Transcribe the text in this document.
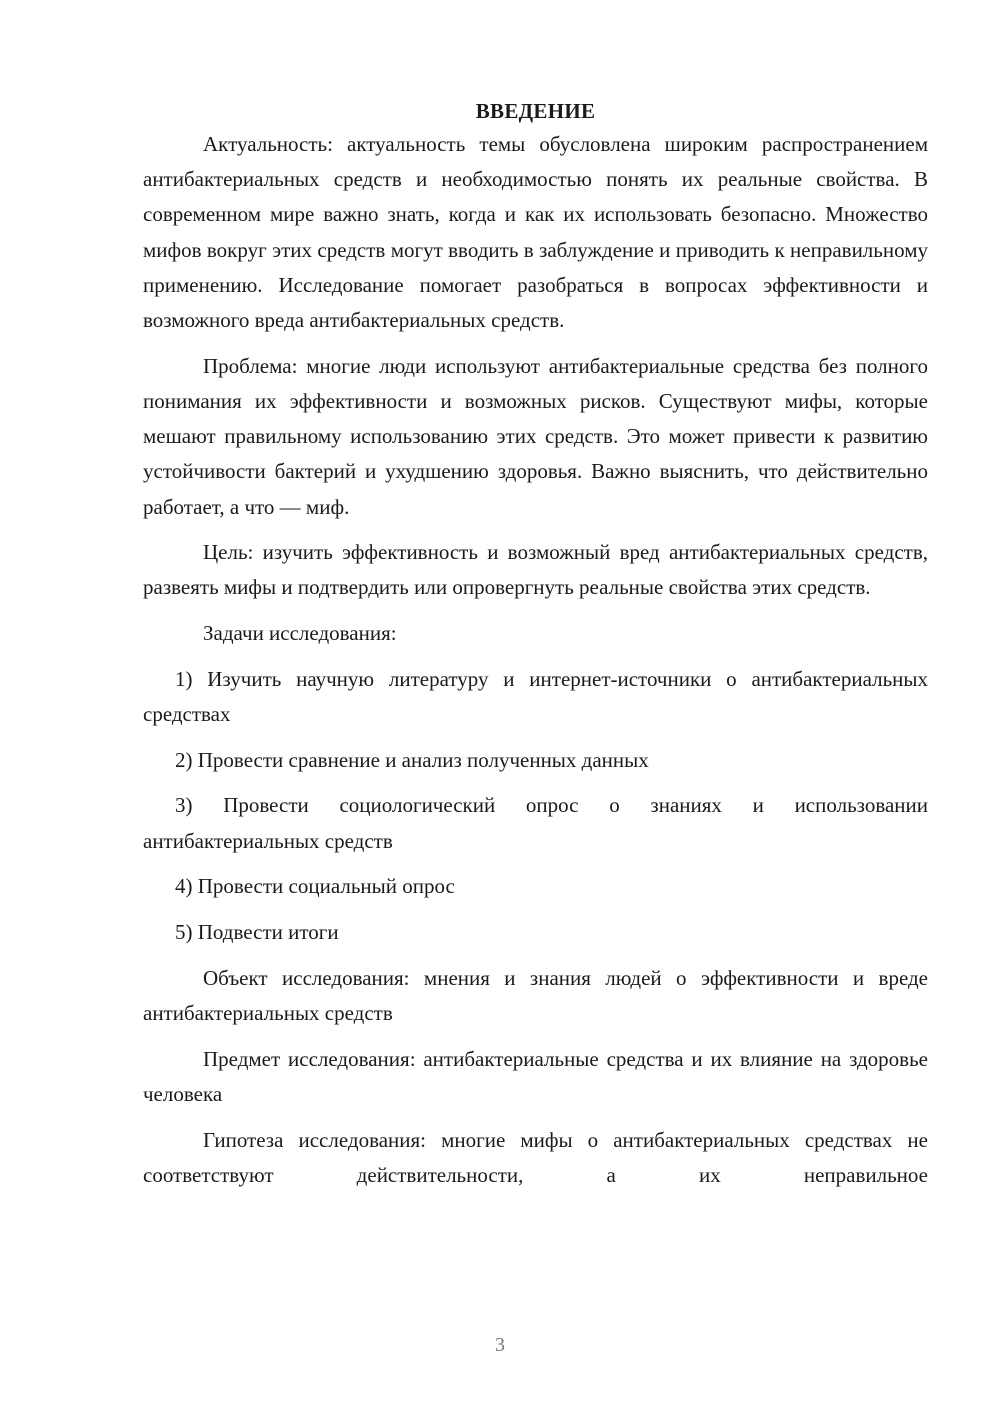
ВВЕДЕНИЕ

Актуальность: актуальность темы обусловлена широким распространением антибактериальных средств и необходимостью понять их реальные свойства. В современном мире важно знать, когда и как их использовать безопасно. Множество мифов вокруг этих средств могут вводить в заблуждение и приводить к неправильному применению. Исследование помогает разобраться в вопросах эффективности и возможного вреда антибактериальных средств.

Проблема: многие люди используют антибактериальные средства без полного понимания их эффективности и возможных рисков. Существуют мифы, которые мешают правильному использованию этих средств. Это может привести к развитию устойчивости бактерий и ухудшению здоровья. Важно выяснить, что действительно работает, а что — миф.

Цель: изучить эффективность и возможный вред антибактериальных средств, развеять мифы и подтвердить или опровергнуть реальные свойства этих средств.

Задачи исследования:

1) Изучить научную литературу и интернет-источники о антибактериальных средствах

2) Провести сравнение и анализ полученных данных

3) Провести социологический опрос о знаниях и использовании антибактериальных средств

4) Провести социальный опрос

5) Подвести итоги

Объект исследования: мнения и знания людей о эффективности и вреде антибактериальных средств

Предмет исследования: антибактериальные средства и их влияние на здоровье человека

Гипотеза исследования: многие мифы о антибактериальных средствах не соответствуют действительности, а их неправильное

3
